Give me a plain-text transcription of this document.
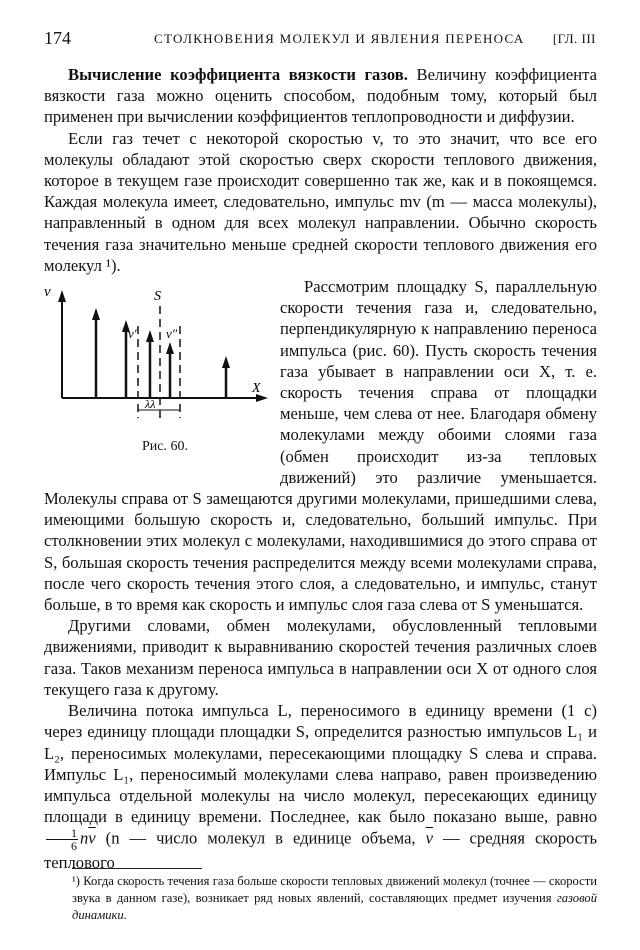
174	СТОЛКНОВЕНИЯ МОЛЕКУЛ И ЯВЛЕНИЯ ПЕРЕНОСА [ГЛ. III

Вычисление коэффициента вязкости газов. Величину коэффициента вязкости газа можно оценить способом, подобным тому, который был применен при вычислении коэффициентов теплопроводности и диффузии.

Если газ течет с некоторой скоростью v, то это значит, что все его молекулы обладают этой скоростью сверх скорости теплового движения, которое в текущем газе происходит совершенно так же, как и в покоящемся. Каждая молекула имеет, следовательно, импульс mv (m — масса молекулы), направленный в одном для всех молекул направлении. Обычно скорость течения газа значительно меньше средней скорости теплового движения его молекул ¹).

v	S
v′ v″
X
λλ
Рис. 60.
Рассмотрим площадку S, параллельную скорости течения газа и, следовательно, перпендикулярную к направлению переноса импульса (рис. 60). Пусть скорость течения газа убывает в направлении оси X, т. е. скорость течения справа от площадки меньше, чем слева от нее. Благодаря обмену молекулами между обоими слоями газа (обмен происходит из-за тепловых движений) это различие уменьшается. Молекулы справа от S замещаются другими молекулами, пришедшими слева, имеющими большую скорость и, следовательно, больший импульс. При столкновении этих молекул с молекулами, находившимися до этого справа от S, большая скорость течения распределится между всеми молекулами справа, после чего скорость течения этого слоя, а следовательно, и импульс, станут больше, в то время как скорость и импульс слоя газа слева от S уменьшатся.

Другими словами, обмен молекулами, обусловленный тепловыми движениями, приводит к выравниванию скоростей течения различных слоев газа. Таков механизм переноса импульса в направлении оси X от одного слоя текущего газа к другому.

Величина потока импульса L, переносимого в единицу времени (1 с) через единицу площади площадки S, определится разностью импульсов L₁ и L₂, переносимых молекулами, пересекающими площадку S слева и справа. Импульс L₁, переносимый молекулами слева направо, равен произведению импульса отдельной молекулы на число молекул, пересекающих единицу площади в единицу времени. Последнее, как было показано выше, равно
$\frac{1}{6} n\overline{v}$ (n — число молекул в единице объема, $\overline{v}$ — средняя скорость теплового

¹) Когда скорость течения газа больше скорости тепловых движений молекул (точнее — скорости звука в данном газе), возникает ряд новых явлений, составляющих предмет изучения газовой динамики.
